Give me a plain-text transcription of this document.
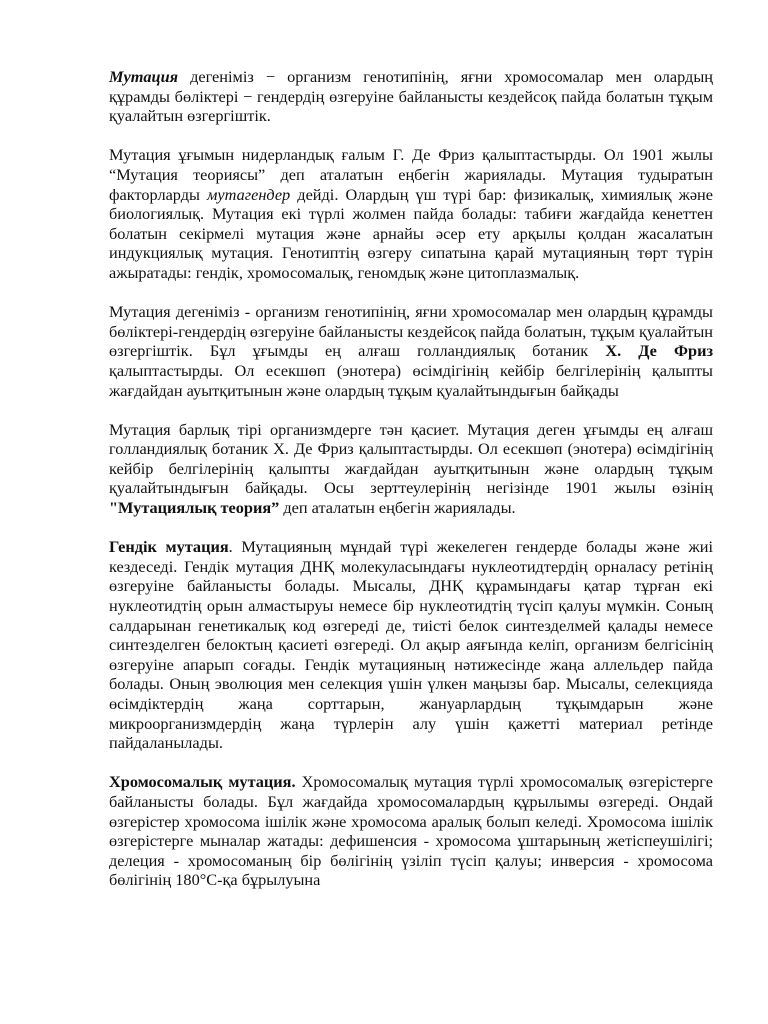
Мутация дегеніміз − организм генотипінің, яғни хромосомалар мен олардың құрамды бөліктері − гендердің өзгеруіне байланысты кездейсоқ пайда болатын тұқым қуалайтын өзгергіштік.

Мутация ұғымын нидерландық ғалым Г. Де Фриз қалыптастырды. Ол 1901 жылы “Мутация теориясы” деп аталатын еңбегін жариялады. Мутация тудыратын факторларды мутагендер дейді. Олардың үш түрі бар: физикалық, химиялық және биологиялық. Мутация екі түрлі жолмен пайда болады: табиғи жағдайда кенеттен болатын секірмелі мутация және арнайы әсер ету арқылы қолдан жасалатын индукциялық мутация. Генотиптің өзгеру сипатына қарай мутацияның төрт түрін ажыратады: гендік, хромосомалық, геномдық және цитоплазмалық.

Мутация дегеніміз - организм генотипінің, яғни хромосомалар мен олардың құрамды бөліктері-гендердің өзгеруіне байланысты кездейсоқ пайда болатын, тұқым қуалайтын өзгергіштік. Бұл ұғымды ең алғаш голландиялық ботаник Х. Де Фриз қалыптастырды. Ол есекшөп (энотера) өсімдігінің кейбір белгілерінің қалыпты жағдайдан ауытқитынын және олардың тұқым қуалайтындығын байқады

Мутация барлық тірі организмдерге тән қасиет. Мутация деген ұғымды ең алғаш голландиялық ботаник Х. Де Фриз қалыптастырды. Ол есекшөп (энотера) өсімдігінің кейбір белгілерінің қалыпты жағдайдан ауытқитынын және олардың тұқым қуалайтындығын байқады. Осы зерттеулерінің негізінде 1901 жылы өзінің "Мутациялық теория” деп аталатын еңбегін жариялады.

Гендік мутация. Мутацияның мұндай түрі жекелеген гендерде болады және жиі кездеседі. Гендік мутация ДНҚ молекуласындағы нуклеотидтердің орналасу ретінің өзгеруіне байланысты болады. Мысалы, ДНҚ құрамындағы қатар тұрған екі нуклеотидтің орын алмастыруы немесе бір нуклеотидтің түсіп қалуы мүмкін. Соның салдарынан генетикалық код өзгереді де, тиісті белок синтезделмей қалады немесе синтезделген белоктың қасиеті өзгереді. Ол ақыр аяғында келіп, организм белгісінің өзгеруіне апарып соғады. Гендік мутацияның нәтижесінде жаңа аллельдер пайда болады. Оның эволюция мен селекция үшін үлкен маңызы бар. Мысалы, селекцияда өсімдіктердің жаңа сорттарын, жануарлардың тұқымдарын және микроорганизмдердің жаңа түрлерін алу үшін қажетті материал ретінде пайдаланылады.

Хромосомалық мутация. Хромосомалық мутация түрлі хромосомалық өзгерістерге байланысты болады. Бұл жағдайда хромосомалардың құрылымы өзгереді. Ондай өзгерістер хромосома ішілік және хромосома аралық болып келеді. Хромосома ішілік өзгерістерге мыналар жатады: дефишенсия - хромосома ұштарының жетіспеушілігі; делеция - хромосоманың бір бөлігінің үзіліп түсіп қалуы; инверсия - хромосома бөлігінің 180°С-қа бұрылуына
